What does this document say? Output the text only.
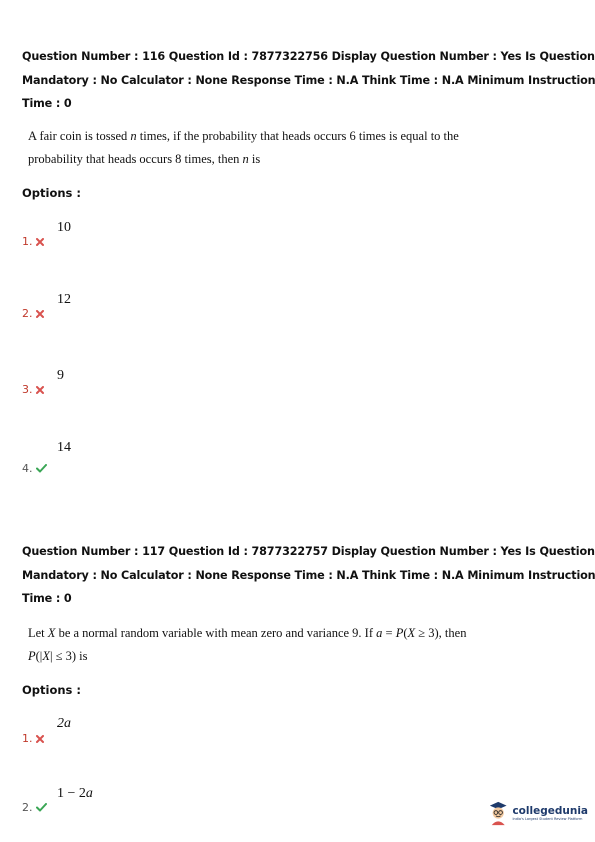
Question Number : 116 Question Id : 7877322756 Display Question Number : Yes Is Question
Mandatory : No Calculator : None Response Time : N.A Think Time : N.A Minimum Instruction
Time : 0
A fair coin is tossed n times, if the probability that heads occurs 6 times is equal to the
probability that heads occurs 8 times, then n is
Options :
10
1.
12
2.
9
3.
14
4.
Question Number : 117 Question Id : 7877322757 Display Question Number : Yes Is Question
Mandatory : No Calculator : None Response Time : N.A Think Time : N.A Minimum Instruction
Time : 0
Let X be a normal random variable with mean zero and variance 9. If a = P(X ≥ 3), then
P(|X| ≤ 3) is
Options :
2a
1.
1 − 2a
2.	collegedunia
India's Largest Student Review Platform
